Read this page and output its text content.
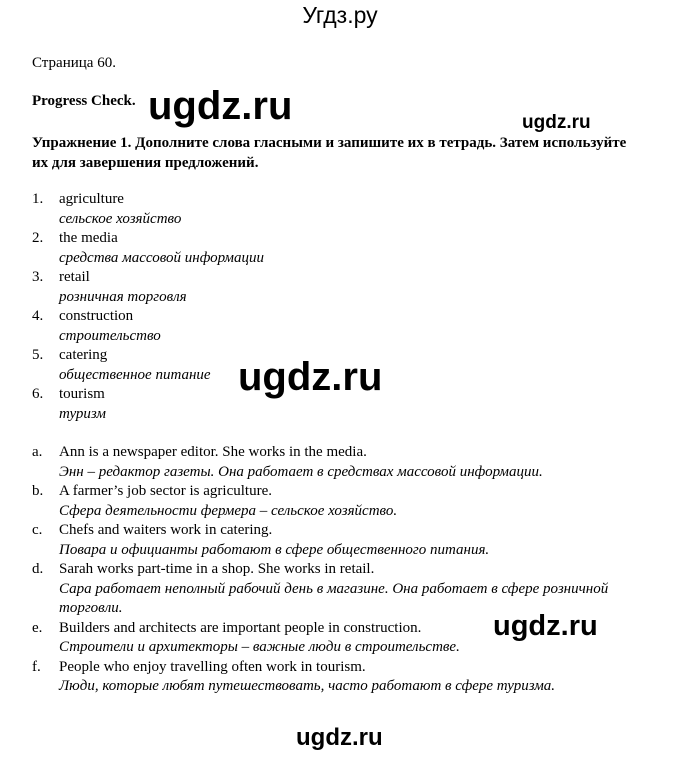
Угдз.ру
Страница 60.
Progress Check.
Упражнение 1. Дополните слова гласными и запишите их в тетрадь. Затем используйте их для завершения предложений.
1. agriculture
сельское хозяйство
2. the media
средства массовой информации
3. retail
розничная торговля
4. construction
строительство
5. catering
общественное питание
6. tourism
туризм
a. Ann is a newspaper editor. She works in the media.
Энн – редактор газеты. Она работает в средствах массовой информации.
b. A farmer’s job sector is agriculture.
Сфера деятельности фермера – сельское хозяйство.
c. Chefs and waiters work in catering.
Повара и официанты работают в сфере общественного питания.
d. Sarah works part-time in a shop. She works in retail.
Сара работает неполный рабочий день в магазине. Она работает в сфере розничной торговли.
e. Builders and architects are important people in construction.
Строители и архитекторы – важные люди в строительстве.
f. People who enjoy travelling often work in tourism.
Люди, которые любят путешествовать, часто работают в сфере туризма.
ugdz.ru	ugdz.ru
ugdz.ru
ugdz.ru
ugdz.ru
